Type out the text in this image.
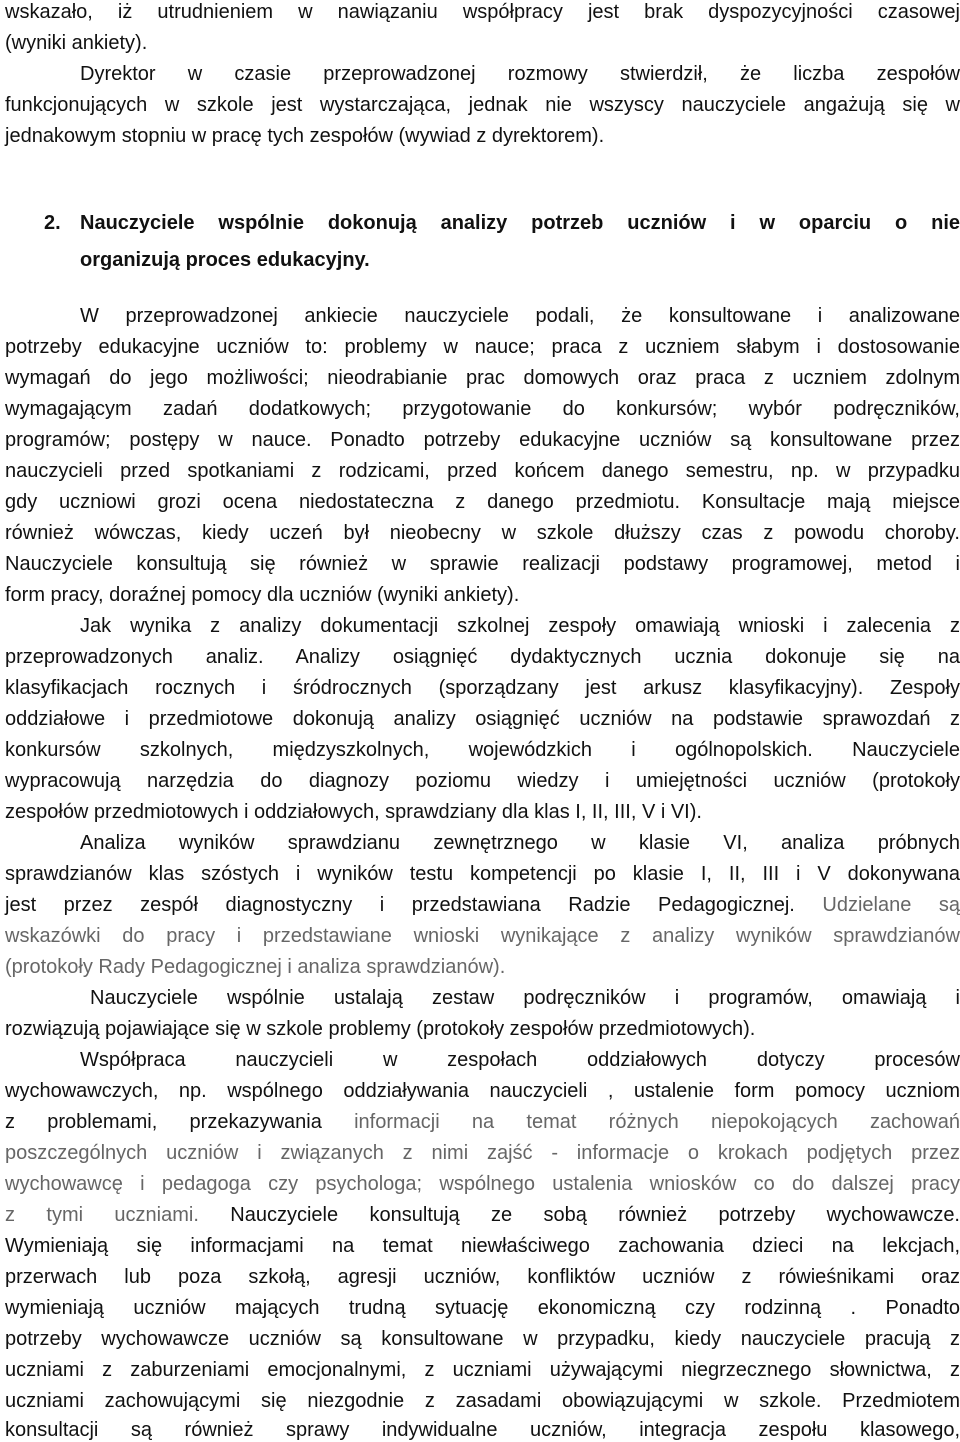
wskazało, iż utrudnieniem w nawiązaniu współpracy jest brak dyspozycyjności czasowej
(wyniki ankiety).
Dyrektor w czasie przeprowadzonej rozmowy stwierdził, że liczba zespołów
funkcjonujących w szkole jest wystarczająca, jednak nie wszyscy nauczyciele angażują się w
jednakowym stopniu w pracę tych zespołów (wywiad z dyrektorem).
2. Nauczyciele wspólnie dokonują analizy potrzeb uczniów i w oparciu o nie
organizują proces edukacyjny.
W przeprowadzonej ankiecie nauczyciele podali, że konsultowane i analizowane
potrzeby edukacyjne uczniów to: problemy w nauce; praca z uczniem słabym i dostosowanie
wymagań do jego możliwości; nieodrabianie prac domowych oraz praca z uczniem zdolnym
wymagającym zadań dodatkowych; przygotowanie do konkursów; wybór podręczników,
programów; postępy w nauce. Ponadto potrzeby edukacyjne uczniów są konsultowane przez
nauczycieli przed spotkaniami z rodzicami, przed końcem danego semestru, np. w przypadku
gdy uczniowi grozi ocena niedostateczna z danego przedmiotu. Konsultacje mają miejsce
również wówczas, kiedy uczeń był nieobecny w szkole dłuższy czas z powodu choroby.
Nauczyciele konsultują się również w sprawie realizacji podstawy programowej, metod i
form pracy, doraźnej pomocy dla uczniów (wyniki ankiety).
Jak wynika z analizy dokumentacji szkolnej zespoły omawiają wnioski i zalecenia z
przeprowadzonych analiz. Analizy osiągnięć dydaktycznych ucznia dokonuje się na
klasyfikacjach rocznych i śródrocznych (sporządzany jest arkusz klasyfikacyjny). Zespoły
oddziałowe i przedmiotowe dokonują analizy osiągnięć uczniów na podstawie sprawozdań z
konkursów szkolnych, międzyszkolnych, wojewódzkich i ogólnopolskich. Nauczyciele
wypracowują narzędzia do diagnozy poziomu wiedzy i umiejętności uczniów (protokoły
zespołów przedmiotowych i oddziałowych, sprawdziany dla klas I, II, III, V i VI).
Analiza wyników sprawdzianu zewnętrznego w klasie VI, analiza próbnych
sprawdzianów klas szóstych i wyników testu kompetencji po klasie I, II, III i V dokonywana
jest przez zespół diagnostyczny i przedstawiana Radzie Pedagogicznej. Udzielane są
wskazówki do pracy i przedstawiane wnioski wynikające z analizy wyników sprawdzianów
(protokoły Rady Pedagogicznej i analiza sprawdzianów).
Nauczyciele wspólnie ustalają zestaw podręczników i programów, omawiają i
rozwiązują pojawiające się w szkole problemy (protokoły zespołów przedmiotowych).
Współpraca nauczycieli w zespołach oddziałowych dotyczy procesów
wychowawczych, np. wspólnego oddziaływania nauczycieli , ustalenie form pomocy uczniom
z problemami, przekazywania informacji na temat różnych niepokojących zachowań
poszczególnych uczniów i związanych z nimi zajść - informacje o krokach podjętych przez
wychowawcę i pedagoga czy psychologa; wspólnego ustalenia wniosków co do dalszej pracy
z tymi uczniami. Nauczyciele konsultują ze sobą również potrzeby wychowawcze.
Wymieniają się informacjami na temat niewłaściwego zachowania dzieci na lekcjach,
przerwach lub poza szkołą, agresji uczniów, konfliktów uczniów z rówieśnikami oraz
wymieniają uczniów mających trudną sytuację ekonomiczną czy rodzinną . Ponadto
potrzeby wychowawcze uczniów są konsultowane w przypadku, kiedy nauczyciele pracują z
uczniami z zaburzeniami emocjonalnymi, z uczniami używającymi niegrzecznego słownictwa, z
uczniami zachowującymi się niezgodnie z zasadami obowiązującymi w szkole. Przedmiotem
konsultacji są również sprawy indywidualne uczniów, integracja zespołu klasowego,
